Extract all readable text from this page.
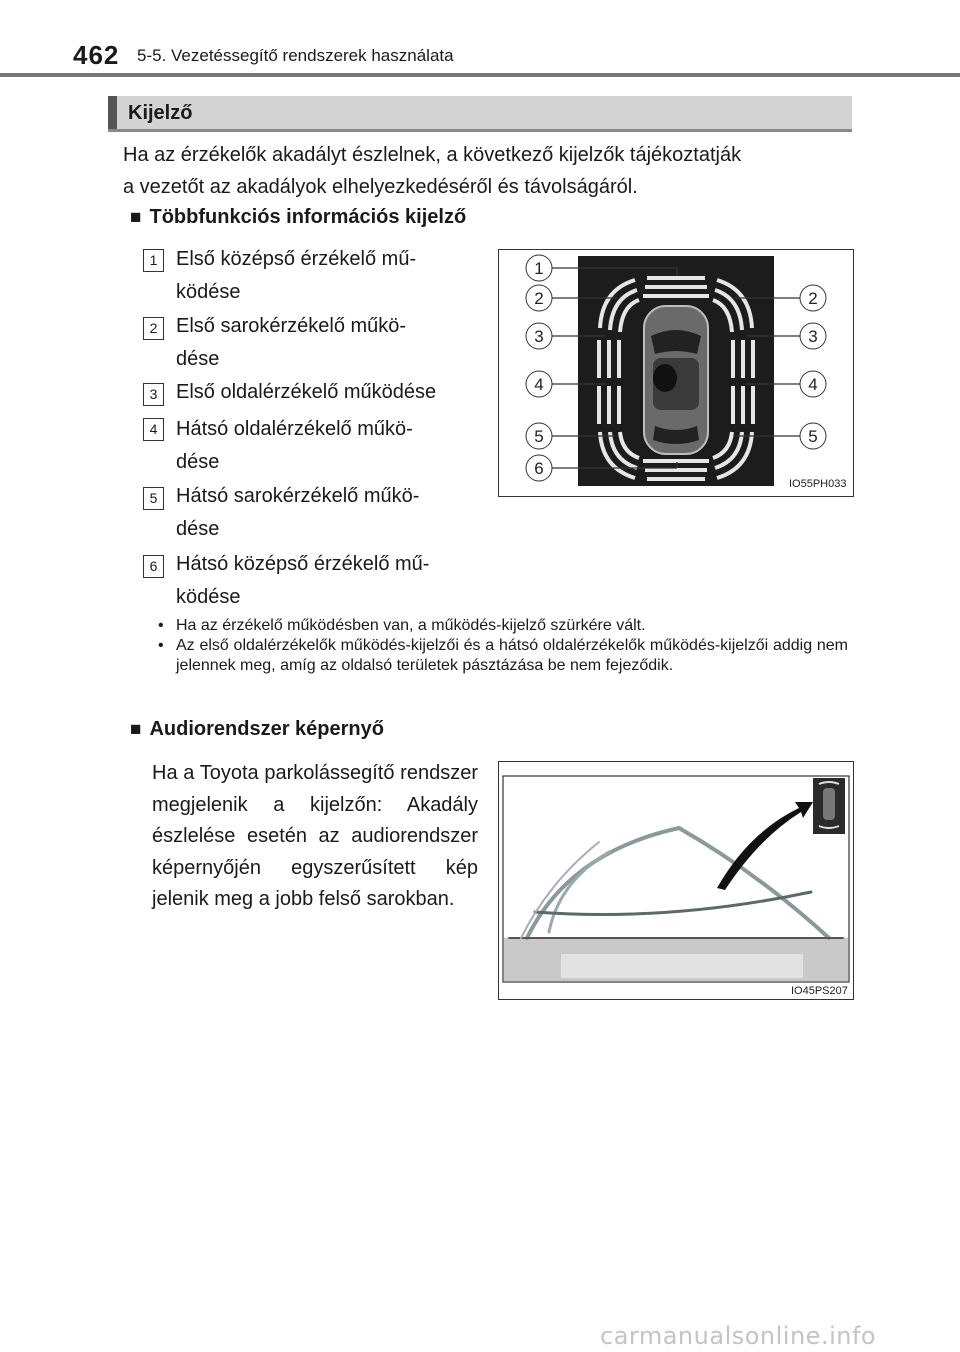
462 5-5. Vezetéssegítő rendszerek használata
Kijelző
Ha az érzékelők akadályt észlelnek, a következő kijelzők tájékoztatják
a vezetőt az akadályok elhelyezkedéséről és távolságáról.
■ Többfunkciós információs kijelző
1 Első középső érzékelő mű-
ködése
2 Első sarokérzékelő műkö-
dése
3 Első oldalérzékelő működése
4 Hátsó oldalérzékelő műkö-
dése
5 Hátsó sarokérzékelő műkö-
dése
6 Hátsó középső érzékelő mű-
ködése
1
2	2
3	3
4	4
5	5
6
IO55PH033
• Ha az érzékelő működésben van, a működés-kijelző szürkére vált.
• Az első oldalérzékelők működés-kijelzői és a hátsó oldalérzékelők működés-kijelzői addig nem jelennek meg, amíg az oldalsó területek pásztázása be nem fejeződik.
■ Audiorendszer képernyő
Ha a Toyota parkolássegítő rendszer megjelenik a kijelzőn: Akadály észlelése esetén az audiorendszer képernyőjén egyszerűsített kép jelenik meg a jobb felső sarokban.
IO45PS207
carmanualsonline.info
